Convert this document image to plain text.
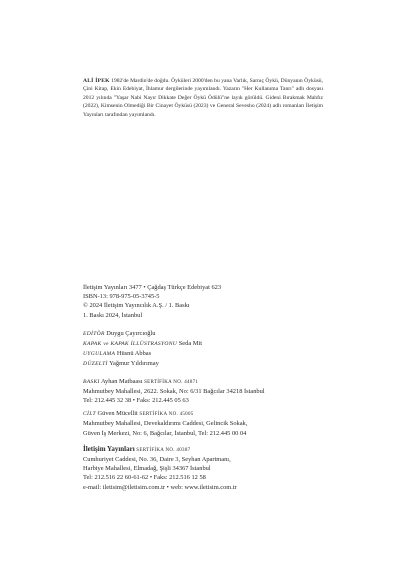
ALİ İPEK 1982'de Mardin'de doğdu. Öyküleri 2000'den bu yana Varlık, Sarnıç Öykü, Dünyanın Öyküsü, Çini Kitap, Ekin Edebiyat, İhlamur dergilerinde yayımlandı. Yazarın "Her Kullanıma Tanrı" adlı dosyası 2012 yılında "Yaşar Nabi Nayır Dikkate Değer Öykü Ödülü"ne layık görüldü. Gideni Bırakmak Mahfız (2022), Kimsenin Olmediği Bir Cinayet Öyküsü (2023) ve General Sevesho (2024) adlı romanları İletişim Yayınları tarafından yayımlandı.
İletişim Yayınları 3477 • Çağdaş Türkçe Edebiyat 623
ISBN-13: 978-975-05-3745-5
© 2024 İletişim Yayıncılık A.Ş. / 1. Baskı
1. Baskı 2024, İstanbul
EDİTÖR Duygu Çayırcıoğlu
KAPAK ve KAPAK İLLÜSTRASYONU Seda Mit
UYGULAMA Hüsnü Abbas
DÜZELTİ Yağmur Yıldırımay
BASKI Ayhan Matbaası SERTİFİKA NO. 44871
Mahmutbey Mahallesi, 2622. Sokak, No: 6/31 Bağcılar 34218 İstanbul
Tel: 212.445 32 38 • Faks: 212.445 05 63
CİLT Güven Mücellit SERTİFİKA NO. 45005
Mahmutbey Mahallesi, Devekaldırımı Caddesi, Gelincik Sokak,
Güven İş Merkezi, No: 6, Bağcılar, İstanbul, Tel: 212.445 00 04
İletişim Yayınları SERTİFİKA NO. 40387
Cumhuriyet Caddesi, No. 36, Daire 3, Seyhan Apartmanı,
Harbiye Mahallesi, Elmadağ, Şişli 34367 İstanbul
Tel: 212.516 22 60-61-62 • Faks: 212.516 12 58
e-mail: iletisim@iletisim.com.tr • web: www.iletisim.com.tr
